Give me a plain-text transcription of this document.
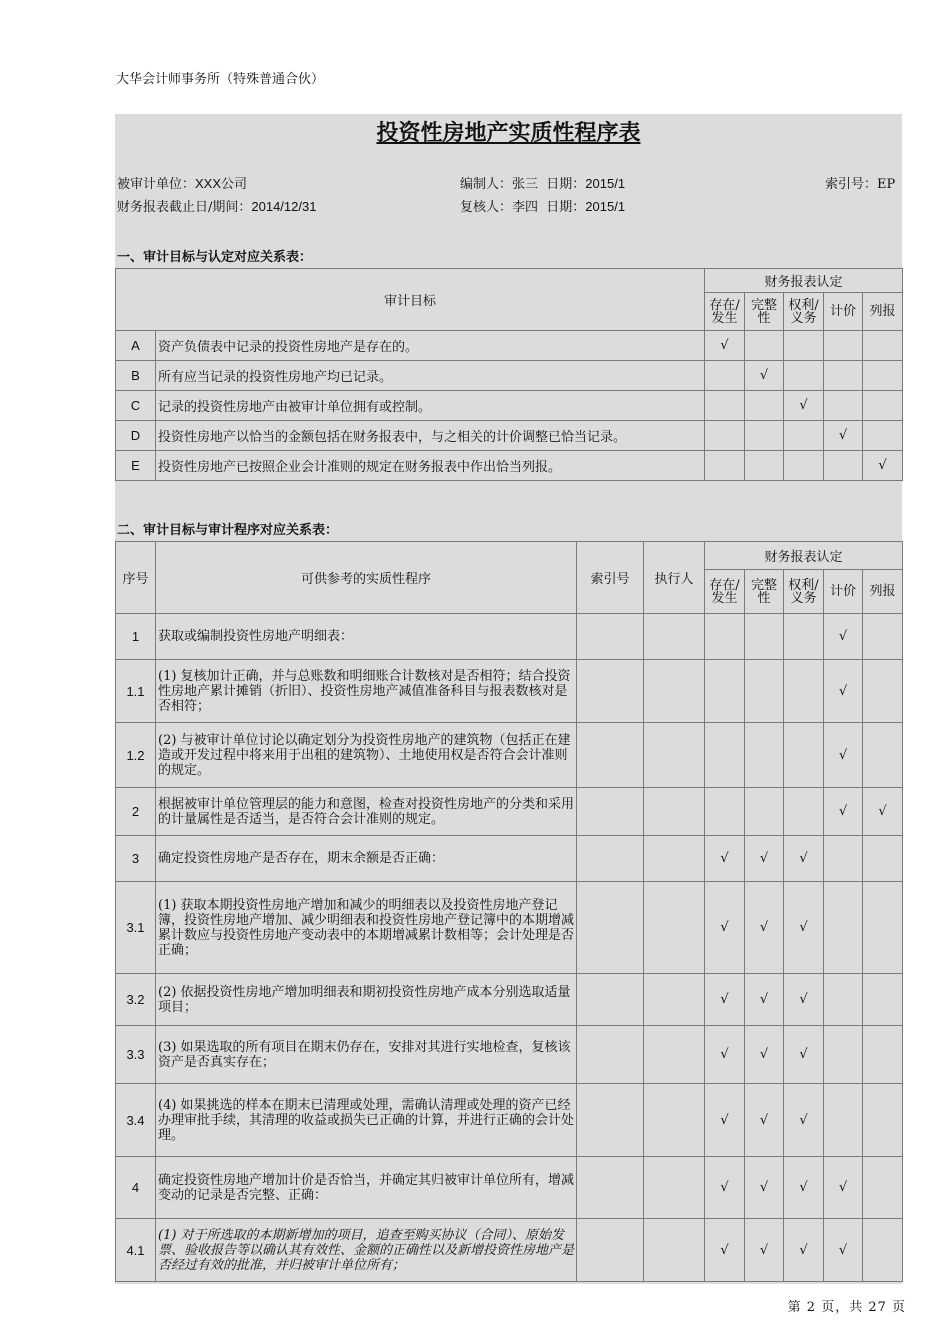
大华会计师事务所（特殊普通合伙）
投资性房地产实质性程序表
被审计单位：XXX公司	编制人：张三 日期：2015/1	索引号：EP
财务报表截止日/期间：2014/12/31	复核人：李四 日期：2015/1
一、审计目标与认定对应关系表：
审计目标		财务报表认定				
		存在/发生	完整性	权利/义务	计价	列报
A	资产负债表中记录的投资性房地产是存在的。	√				
B	所有应当记录的投资性房地产均已记录。		√			
C	记录的投资性房地产由被审计单位拥有或控制。			√		
D	投资性房地产以恰当的金额包括在财务报表中，与之相关的计价调整已恰当记录。				√	
E	投资性房地产已按照企业会计准则的规定在财务报表中作出恰当列报。					√
二、审计目标与审计程序对应关系表：
序号	可供参考的实质性程序	索引号	执行人	财务报表认定				
				存在/发生	完整性	权利/义务	计价	列报
1	获取或编制投资性房地产明细表：						√	
1.1	(1) 复核加计正确，并与总账数和明细账合计数核对是否相符；结合投资性房地产累计摊销（折旧）、投资性房地产减值准备科目与报表数核对是否相符；						√	
1.2	(2) 与被审计单位讨论以确定划分为投资性房地产的建筑物（包括正在建造或开发过程中将来用于出租的建筑物）、土地使用权是否符合会计准则的规定。						√	
2	根据被审计单位管理层的能力和意图，检查对投资性房地产的分类和采用的计量属性是否适当，是否符合会计准则的规定。						√	√
3	确定投资性房地产是否存在，期末余额是否正确：			√	√	√		
3.1	(1) 获取本期投资性房地产增加和减少的明细表以及投资性房地产登记簿，投资性房地产增加、减少明细表和投资性房地产登记簿中的本期增减累计数应与投资性房地产变动表中的本期增减累计数相等；会计处理是否正确；			√	√	√		
3.2	(2) 依据投资性房地产增加明细表和期初投资性房地产成本分别选取适量项目；			√	√	√		
3.3	(3) 如果选取的所有项目在期末仍存在，安排对其进行实地检查，复核该资产是否真实存在；			√	√	√		
3.4	(4) 如果挑选的样本在期末已清理或处理，需确认清理或处理的资产已经办理审批手续，其清理的收益或损失已正确的计算，并进行正确的会计处理。			√	√	√		
4	确定投资性房地产增加计价是否恰当，并确定其归被审计单位所有，增减变动的记录是否完整、正确：			√	√	√	√	
4.1	(1) 对于所选取的本期新增加的项目，追查至购买协议（合同）、原始发票、验收报告等以确认其有效性、金额的正确性以及新增投资性房地产是否经过有效的批准，并归被审计单位所有；			√	√	√	√	
第 2 页，共 27 页
